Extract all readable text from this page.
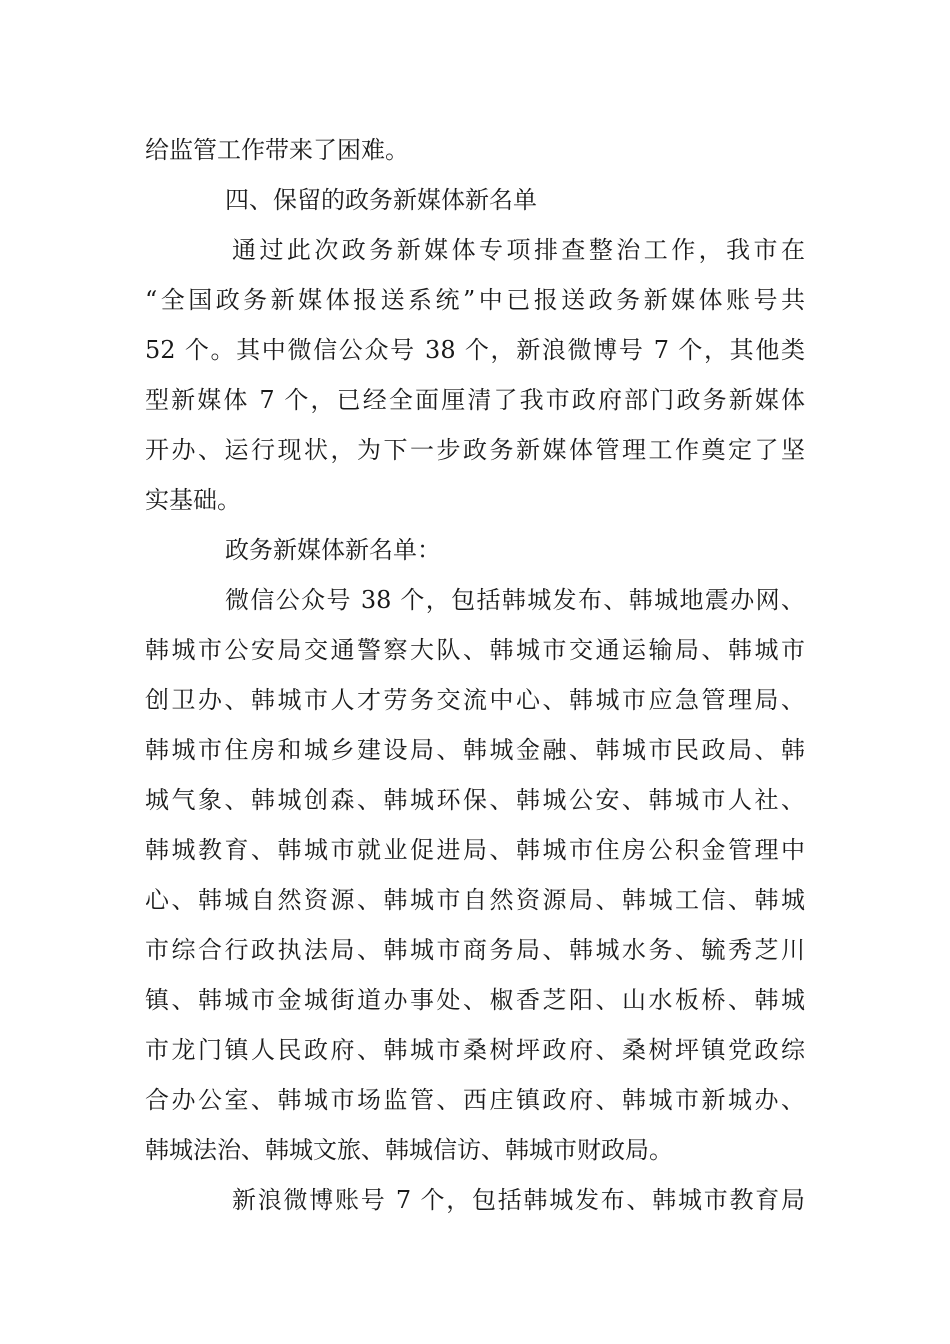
给监管工作带来了困难。
四、保留的政务新媒体新名单
通过此次政务新媒体专项排查整治工作，我市在
“全国政务新媒体报送系统”中已报送政务新媒体账号共
52 个。其中微信公众号 38 个，新浪微博号 7 个，其他类
型新媒体 7 个，已经全面厘清了我市政府部门政务新媒体
开办、运行现状，为下一步政务新媒体管理工作奠定了坚
实基础。
政务新媒体新名单：
微信公众号 38 个，包括韩城发布、韩城地震办网、
韩城市公安局交通警察大队、韩城市交通运输局、韩城市
创卫办、韩城市人才劳务交流中心、韩城市应急管理局、
韩城市住房和城乡建设局、韩城金融、韩城市民政局、韩
城气象、韩城创森、韩城环保、韩城公安、韩城市人社、
韩城教育、韩城市就业促进局、韩城市住房公积金管理中
心、韩城自然资源、韩城市自然资源局、韩城工信、韩城
市综合行政执法局、韩城市商务局、韩城水务、毓秀芝川
镇、韩城市金城街道办事处、椒香芝阳、山水板桥、韩城
市龙门镇人民政府、韩城市桑树坪政府、桑树坪镇党政综
合办公室、韩城市场监管、西庄镇政府、韩城市新城办、
韩城法治、韩城文旅、韩城信访、韩城市财政局。
新浪微博账号 7 个，包括韩城发布、韩城市教育局
